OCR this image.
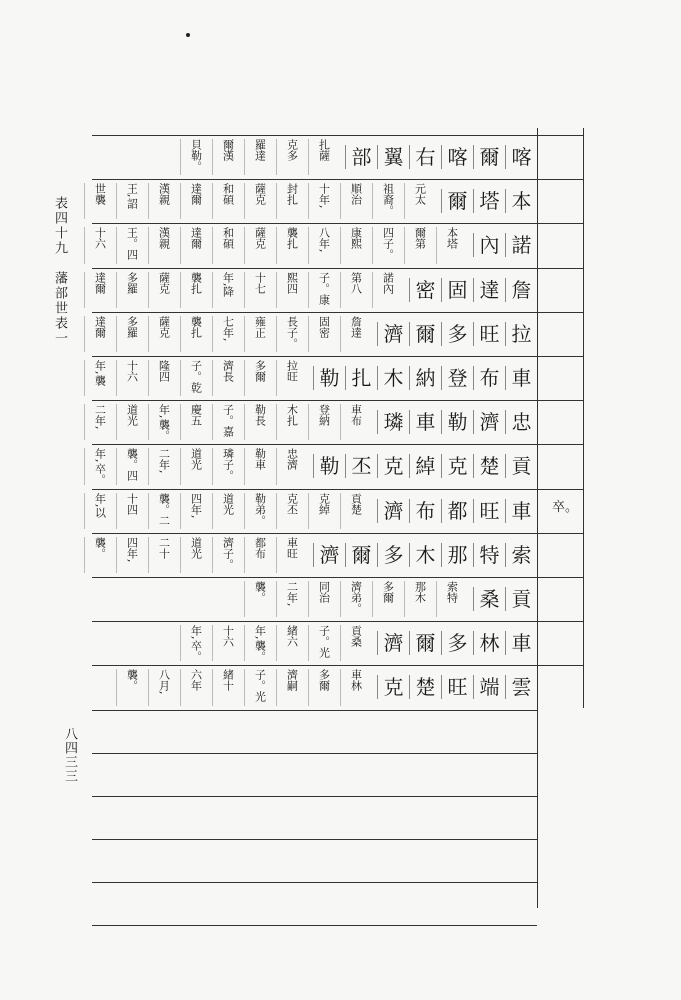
表四十九　藩部世表一
八四三三
卒。
喀
爾
喀
右
翼
部
扎
薩
克
多
羅
達
爾
漢
貝
勒。
本
塔
爾
元
太
祖
裔。
順
治
十
年,
封
扎
薩
克
和
碩
達
爾
漢
親
王,
詔
世
襲
諾
內
本
塔
爾
第
四
子。
康
熙
八
年,
襲
扎
薩
克
和
碩
達
爾
漢
親
王。
四
十
六
詹
達
固
密
諾
內
第
八
子。
康
熙
四
十
七
年,
降
襲
扎
薩
克
多
羅
達
爾
拉
旺
多
爾
濟
詹
達
固
密
長
子。
雍
正
七
年,
襲
扎
薩
克
多
羅
達
爾
車
布
登
納
木
扎
勒
拉
旺
多
爾
濟
長
子。
乾
隆
四
十
六
年,
襲
忠
濟
勒
車
璘
車
布
登
納
木
扎
勒
長
子。
嘉
慶
五
年,
襲。
道
光
二
年,
貢
楚
克
綽
克
丕
勒
忠
濟
勒
車
璘
子。
道
光
二
年,
襲。
四
年,
卒。
車
旺
都
布
濟
貢
楚
克
綽
克
丕
勒
弟。
道
光
四
年,
襲。
二
十
四
年,
以
索
特
那
木
多
爾
濟
車
旺
都
布
濟
子。
道
光
二
十
四
年,
襲。
貢
桑
索
特
那
木
多
爾
濟
弟。
同
治
二
年,
襲。
車
林
多
爾
濟
貢
桑
子。
光
緒
六
年,
襲。
十
六
年,
卒。
雲
端
旺
楚
克
車
林
多
爾
濟
嗣
子。
光
緒
十
六
年
八
月,
襲。
